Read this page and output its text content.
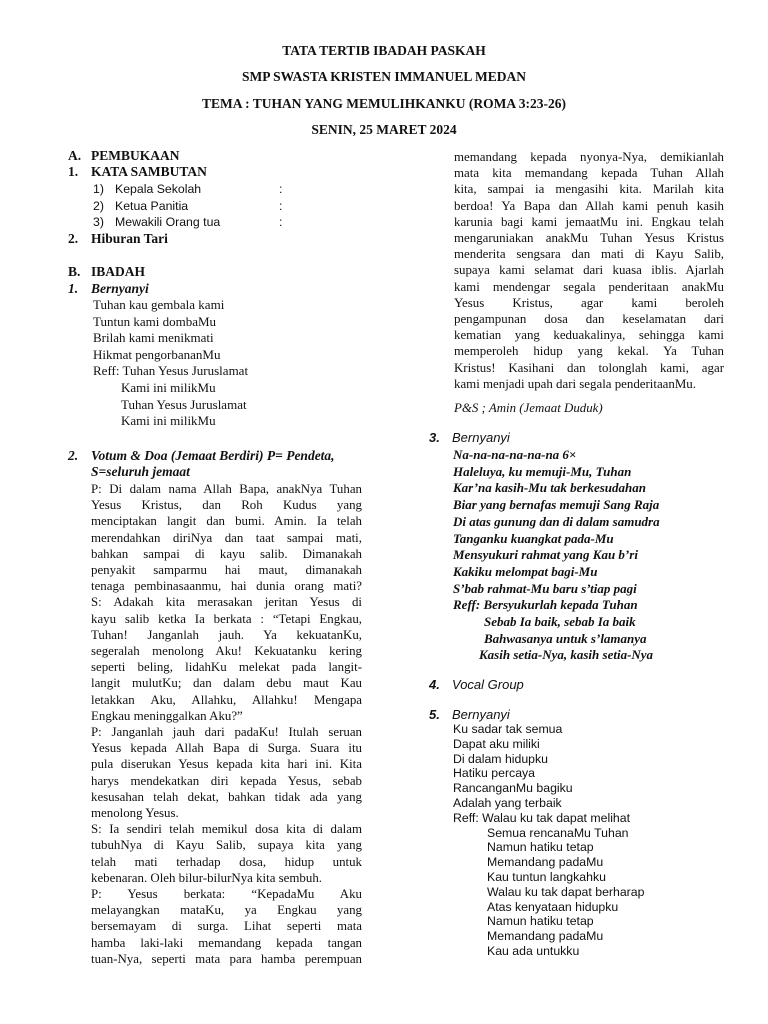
TATA TERTIB IBADAH PASKAH
SMP SWASTA KRISTEN IMMANUEL MEDAN
TEMA : TUHAN YANG MEMULIHKANKU (ROMA 3:23-26)
SENIN, 25 MARET 2024
A. PEMBUKAAN
1. KATA SAMBUTAN
1) Kepala Sekolah	:
2) Ketua Panitia	:
3) Mewakili Orang tua	:
2. Hiburan Tari
B. IBADAH
1. Bernyanyi
Tuhan kau gembala kami
Tuntun kami dombaMu
Brilah kami menikmati
Hikmat pengorbananMu
Reff: Tuhan Yesus Juruslamat
Kami ini milikMu
Tuhan Yesus Juruslamat
Kami ini milikMu
2. Votum & Doa (Jemaat Berdiri) P= Pendeta,
S=seluruh jemaat
P: Di dalam nama Allah Bapa, anakNya Tuhan
Yesus Kristus, dan Roh Kudus yang
menciptakan langit dan bumi. Amin. Ia telah
merendahkan diriNya dan taat sampai mati,
bahkan sampai di kayu salib. Dimanakah
penyakit samparmu hai maut, dimanakah
tenaga pembinasaanmu, hai dunia orang mati?
S: Adakah kita merasakan jeritan Yesus di
kayu salib ketka Ia berkata : “Tetapi Engkau,
Tuhan! Janganlah jauh. Ya kekuatanKu,
segeralah menolong Aku! Kekuatanku kering
seperti beling, lidahKu melekat pada langit-
langit mulutKu; dan dalam debu maut Kau
letakkan Aku, Allahku, Allahku! Mengapa
Engkau meninggalkan Aku?”
P: Janganlah jauh dari padaKu! Itulah seruan
Yesus kepada Allah Bapa di Surga. Suara itu
pula diserukan Yesus kepada kita hari ini. Kita
harys mendekatkan diri kepada Yesus, sebab
kesusahan telah dekat, bahkan tidak ada yang
menolong Yesus.
S: Ia sendiri telah memikul dosa kita di dalam
tubuhNya di Kayu Salib, supaya kita yang
telah mati terhadap dosa, hidup untuk
kebenaran. Oleh bilur-bilurNya kita sembuh.
P: Yesus berkata: “KepadaMu Aku
melayangkan mataKu, ya Engkau yang
bersemayam di surga. Lihat seperti mata
hamba laki-laki memandang kepada tangan
tuan-Nya, seperti mata para hamba perempuan
memandang kepada nyonya-Nya, demikianlah
mata kita memandang kepada Tuhan Allah
kita, sampai ia mengasihi kita. Marilah kita
berdoa! Ya Bapa dan Allah kami penuh kasih
karunia bagi kami jemaatMu ini. Engkau telah
mengaruniakan anakMu Tuhan Yesus Kristus
menderita sengsara dan mati di Kayu Salib,
supaya kami selamat dari kuasa iblis. Ajarlah
kami mendengar segala penderitaan anakMu
Yesus Kristus, agar kami beroleh
pengampunan dosa dan keselamatan dari
kematian yang keduakalinya, sehingga kami
memperoleh hidup yang kekal. Ya Tuhan
Kristus! Kasihani dan tolonglah kami, agar
kami menjadi upah dari segala penderitaanMu.
P&S ; Amin (Jemaat Duduk)
3. Bernyanyi
Na-na-na-na-na-na 6×
Haleluya, ku memuji-Mu, Tuhan
Kar’na kasih-Mu tak berkesudahan
Biar yang bernafas memuji Sang Raja
Di atas gunung dan di dalam samudra
Tanganku kuangkat pada-Mu
Mensyukuri rahmat yang Kau b’ri
Kakiku melompat bagi-Mu
S’bab rahmat-Mu baru s’tiap pagi
Reff: Bersyukurlah kepada Tuhan
Sebab Ia baik, sebab Ia baik
Bahwasanya untuk s’lamanya
Kasih setia-Nya, kasih setia-Nya
4. Vocal Group
5. Bernyanyi
Ku sadar tak semua
Dapat aku miliki
Di dalam hidupku
Hatiku percaya
RancanganMu bagiku
Adalah yang terbaik
Reff: Walau ku tak dapat melihat
Semua rencanaMu Tuhan
Namun hatiku tetap
Memandang padaMu
Kau tuntun langkahku
Walau ku tak dapat berharap
Atas kenyataan hidupku
Namun hatiku tetap
Memandang padaMu
Kau ada untukku
